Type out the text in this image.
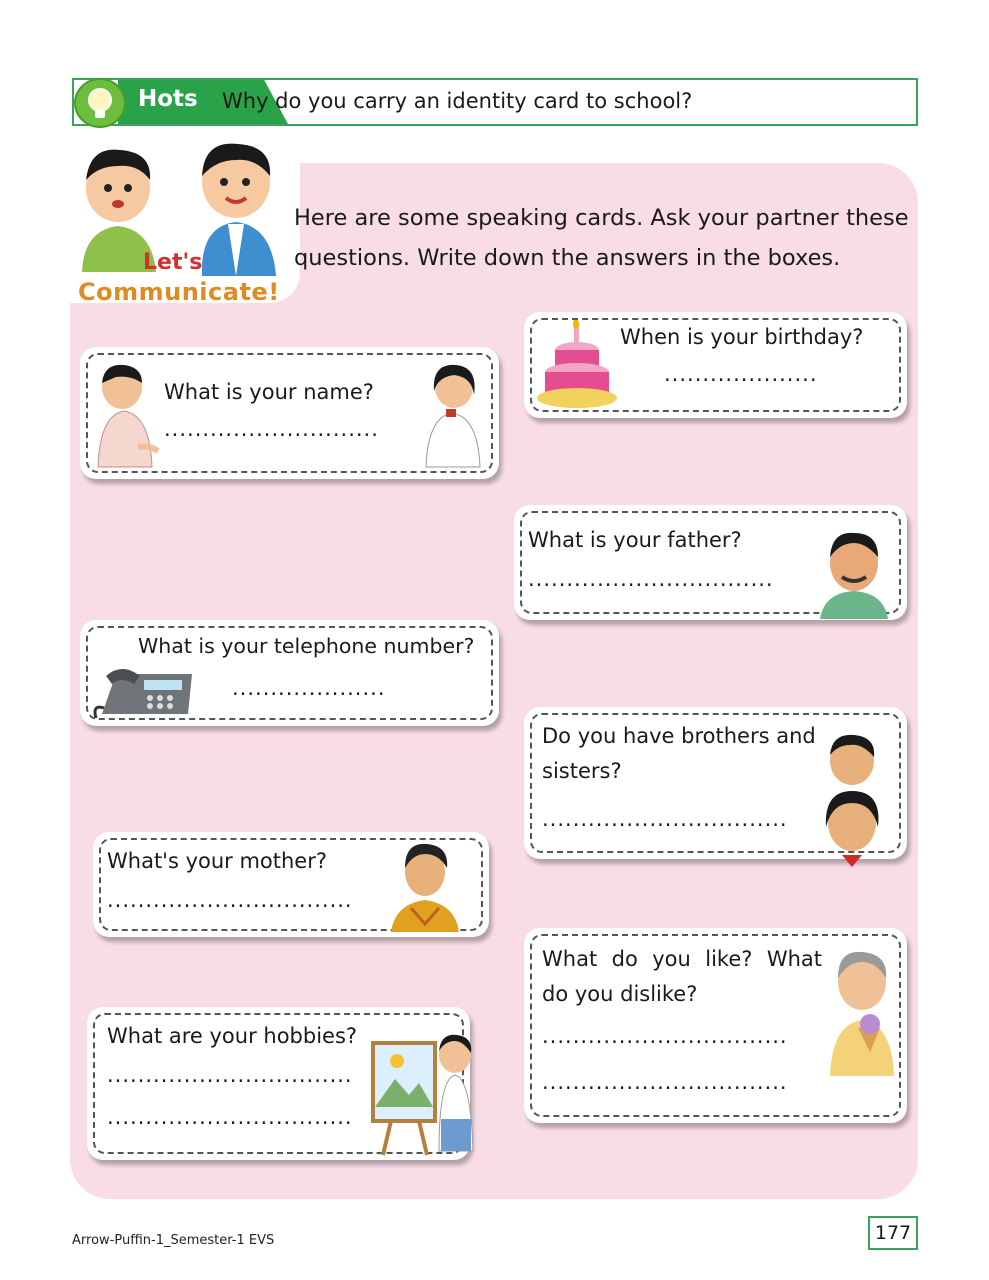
Hots Why do you carry an identity card to school?
Let's
Communicate!
Here are some speaking cards. Ask your partner these questions. Write down the answers in the boxes.
When is your birthday?
....................
What is your name?
............................
What is your father?
................................
What is your telephone number?
....................
Do you have brothers and sisters?
................................
What's your mother?
................................
What do you like? What do you dislike?
................................
................................
What are your hobbies?
................................
................................
Arrow-Puffin-1_Semester-1 EVS	177
